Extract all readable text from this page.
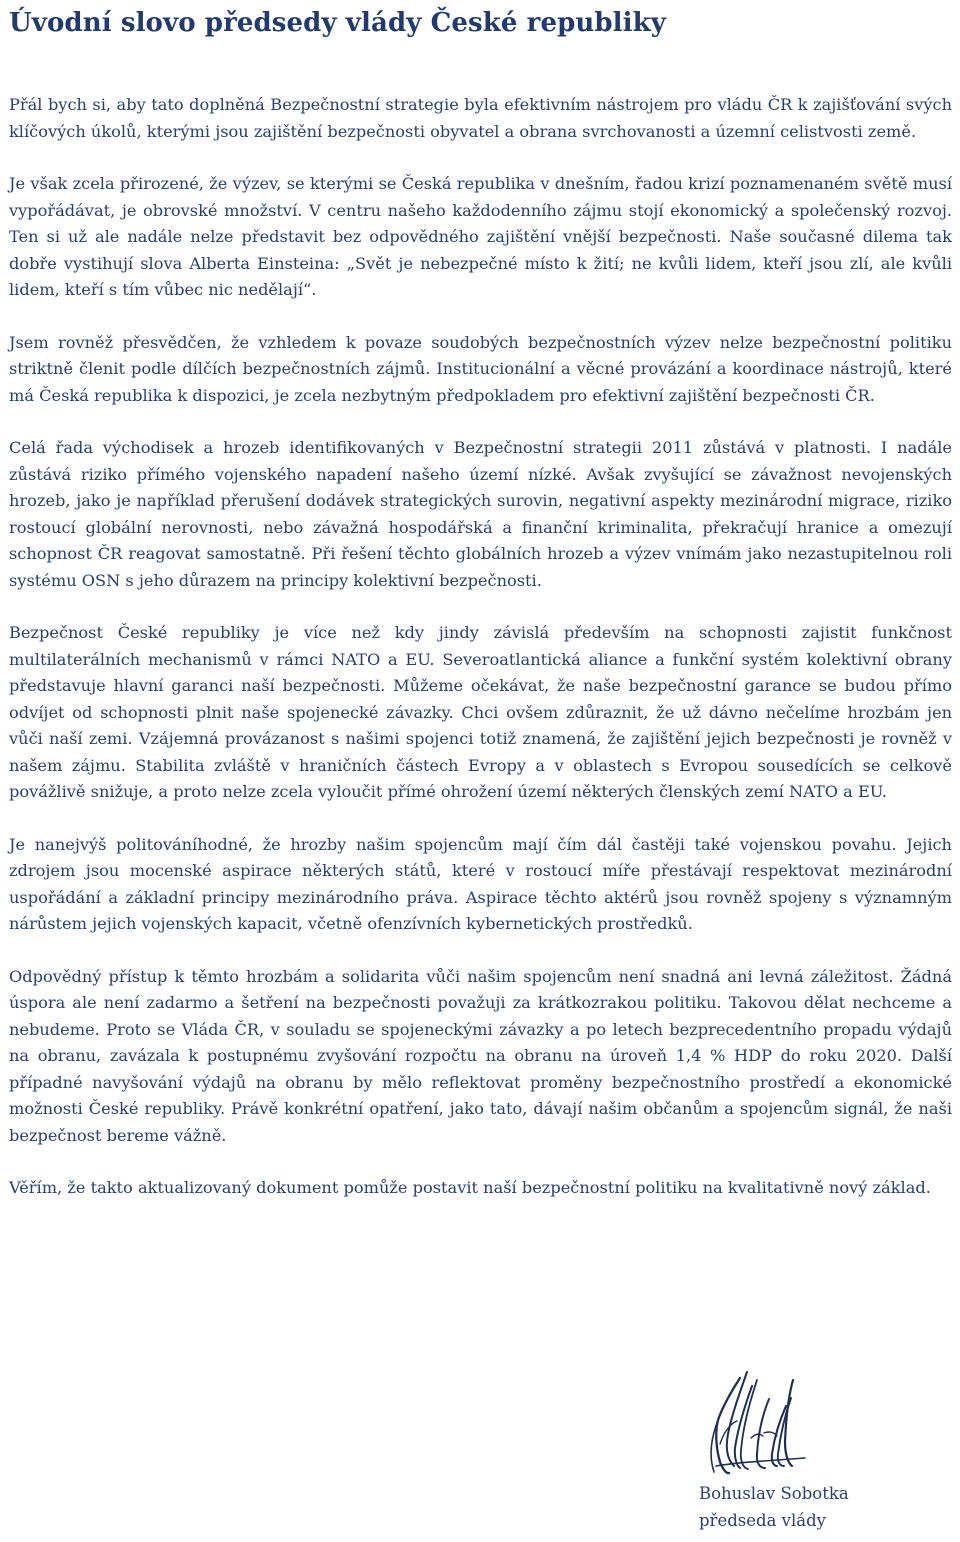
Úvodní slovo předsedy vlády České republiky

Přál bych si, aby tato doplněná Bezpečnostní strategie byla efektivním nástrojem pro vládu ČR k zajišťování svých klíčových úkolů, kterými jsou zajištění bezpečnosti obyvatel a obrana svrchovanosti a územní celistvosti země.

Je však zcela přirozené, že výzev, se kterými se Česká republika v dnešním, řadou krizí poznamenaném světě musí vypořádávat, je obrovské množství. V centru našeho každodenního zájmu stojí ekonomický a společenský rozvoj. Ten si už ale nadále nelze představit bez odpovědného zajištění vnější bezpečnosti. Naše současné dilema tak dobře vystihují slova Alberta Einsteina: „Svět je nebezpečné místo k žití; ne kvůli lidem, kteří jsou zlí, ale kvůli lidem, kteří s tím vůbec nic nedělají“.

Jsem rovněž přesvědčen, že vzhledem k povaze soudobých bezpečnostních výzev nelze bezpečnostní politiku striktně členit podle dílčích bezpečnostních zájmů. Institucionální a věcné provázání a koordinace nástrojů, které má Česká republika k dispozici, je zcela nezbytným předpokladem pro efektivní zajištění bezpečnosti ČR.

Celá řada východisek a hrozeb identifikovaných v Bezpečnostní strategii 2011 zůstává v platnosti. I nadále zůstává riziko přímého vojenského napadení našeho území nízké. Avšak zvyšující se závažnost nevojenských hrozeb, jako je například přerušení dodávek strategických surovin, negativní aspekty mezinárodní migrace, riziko rostoucí globální nerovnosti, nebo závažná hospodářská a finanční kriminalita, překračují hranice a omezují schopnost ČR reagovat samostatně. Při řešení těchto globálních hrozeb a výzev vnímám jako nezastupitelnou roli systému OSN s jeho důrazem na principy kolektivní bezpečnosti.

Bezpečnost České republiky je více než kdy jindy závislá především na schopnosti zajistit funkčnost multilaterálních mechanismů v rámci NATO a EU. Severoatlantická aliance a funkční systém kolektivní obrany představuje hlavní garanci naší bezpečnosti. Můžeme očekávat, že naše bezpečnostní garance se budou přímo odvíjet od schopnosti plnit naše spojenecké závazky. Chci ovšem zdůraznit, že už dávno nečelíme hrozbám jen vůči naší zemi. Vzájemná provázanost s našimi spojenci totiž znamená, že zajištění jejich bezpečnosti je rovněž v našem zájmu. Stabilita zvláště v hraničních částech Evropy a v oblastech s Evropou sousedících se celkově povážlivě snižuje, a proto nelze zcela vyloučit přímé ohrožení území některých členských zemí NATO a EU.

Je nanejvýš politováníhodné, že hrozby našim spojencům mají čím dál častěji také vojenskou povahu. Jejich zdrojem jsou mocenské aspirace některých států, které v rostoucí míře přestávají respektovat mezinárodní uspořádání a základní principy mezinárodního práva. Aspirace těchto aktérů jsou rovněž spojeny s významným nárůstem jejich vojenských kapacit, včetně ofenzívních kybernetických prostředků.

Odpovědný přístup k těmto hrozbám a solidarita vůči našim spojencům není snadná ani levná záležitost. Žádná úspora ale není zadarmo a šetření na bezpečnosti považuji za krátkozrakou politiku. Takovou dělat nechceme a nebudeme. Proto se Vláda ČR, v souladu se spojeneckými závazky a po letech bezprecedentního propadu výdajů na obranu, zavázala k postupnému zvyšování rozpočtu na obranu na úroveň 1,4 % HDP do roku 2020. Další případné navyšování výdajů na obranu by mělo reflektovat proměny bezpečnostního prostředí a ekonomické možnosti České republiky. Právě konkrétní opatření, jako tato, dávají našim občanům a spojencům signál, že naši bezpečnost bereme vážně.

Věřím, že takto aktualizovaný dokument pomůže postavit naší bezpečnostní politiku na kvalitativně nový základ.

Bohuslav Sobotka
předseda vlády
